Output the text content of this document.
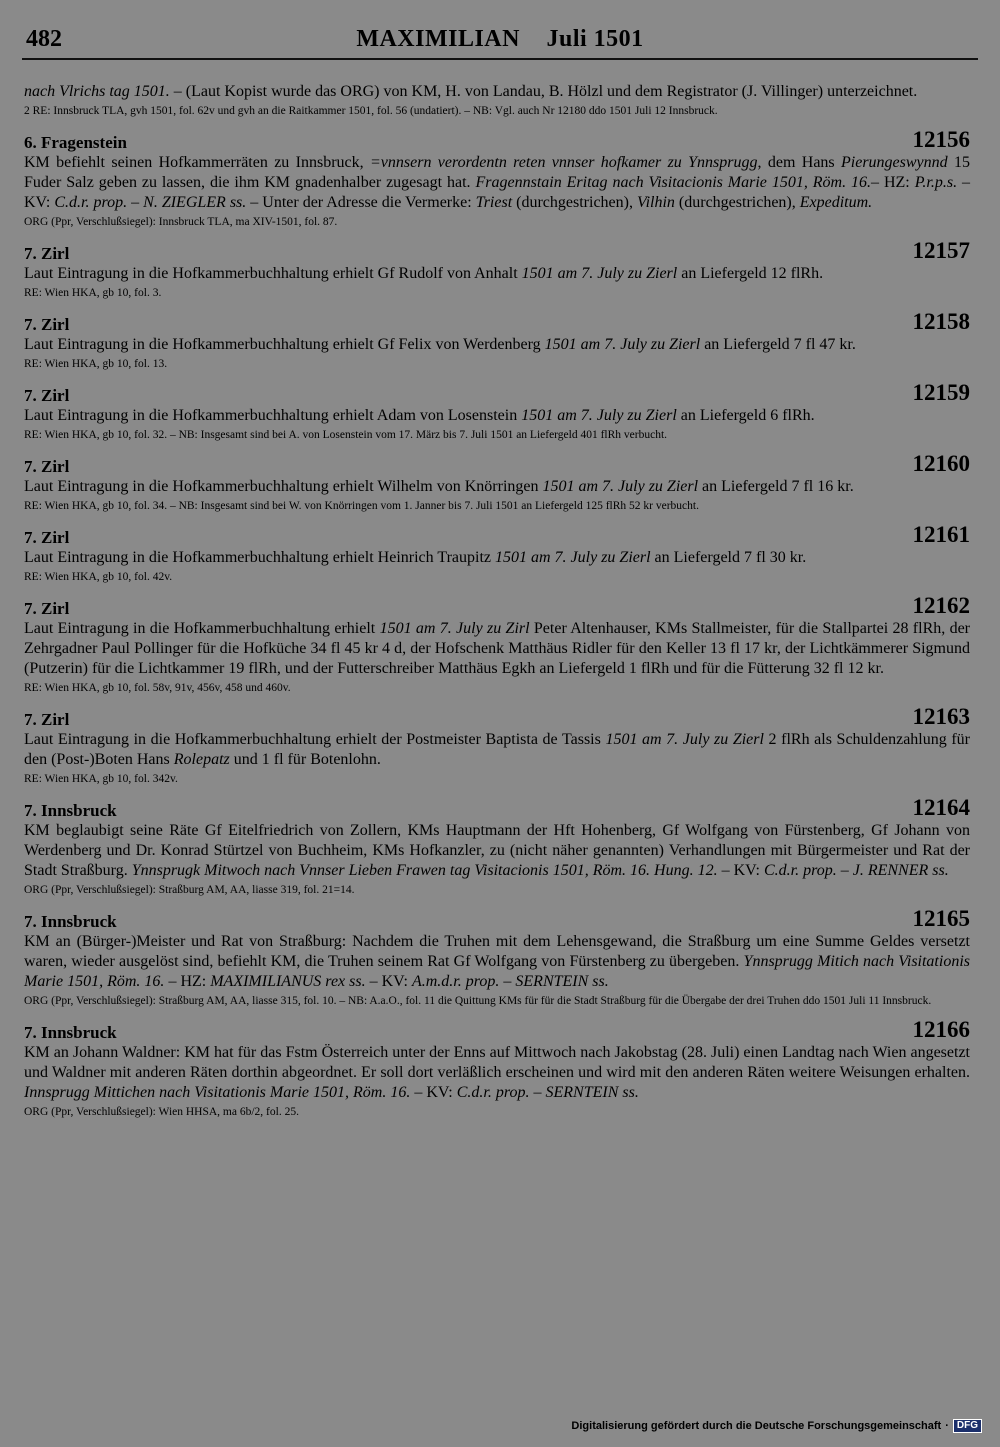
482	MAXIMILIAN Juli 1501

nach Vlrichs tag 1501. – (Laut Kopist wurde das ORG) von KM, H. von Landau, B. Hölzl und dem Registrator (J. Villinger) unterzeichnet.

2 RE: Innsbruck TLA, gvh 1501, fol. 62v und gvh an die Raitkammer 1501, fol. 56 (undatiert). – NB: Vgl. auch Nr 12180 ddo 1501 Juli 12 Innsbruck.

6. Fragenstein	12156

KM befiehlt seinen Hofkammerräten zu Innsbruck, =vnnsern verordentn reten vnnser hofkamer zu Ynnsprugg, dem Hans Pierungeswynnd 15 Fuder Salz geben zu lassen, die ihm KM gnadenhalber zugesagt hat. Fragennstain Eritag nach Visitacionis Marie 1501, Röm. 16.– HZ: P.r.p.s. – KV: C.d.r. prop. – N. ZIEGLER ss. – Unter der Adresse die Vermerke: Triest (durchgestrichen), Vilhin (durchgestrichen), Expeditum.

ORG (Ppr, Verschlußsiegel): Innsbruck TLA, ma XIV-1501, fol. 87.

7. Zirl	12157

Laut Eintragung in die Hofkammerbuchhaltung erhielt Gf Rudolf von Anhalt 1501 am 7. July zu Zierl an Liefergeld 12 flRh.

RE: Wien HKA, gb 10, fol. 3.

7. Zirl	12158

Laut Eintragung in die Hofkammerbuchhaltung erhielt Gf Felix von Werdenberg 1501 am 7. July zu Zierl an Liefergeld 7 fl 47 kr.

RE: Wien HKA, gb 10, fol. 13.

7. Zirl	12159

Laut Eintragung in die Hofkammerbuchhaltung erhielt Adam von Losenstein 1501 am 7. July zu Zierl an Liefergeld 6 flRh.

RE: Wien HKA, gb 10, fol. 32. – NB: Insgesamt sind bei A. von Losenstein vom 17. März bis 7. Juli 1501 an Liefergeld 401 flRh verbucht.

7. Zirl	12160

Laut Eintragung in die Hofkammerbuchhaltung erhielt Wilhelm von Knörringen 1501 am 7. July zu Zierl an Liefergeld 7 fl 16 kr.

RE: Wien HKA, gb 10, fol. 34. – NB: Insgesamt sind bei W. von Knörringen vom 1. Janner bis 7. Juli 1501 an Liefergeld 125 flRh 52 kr verbucht.

7. Zirl	12161

Laut Eintragung in die Hofkammerbuchhaltung erhielt Heinrich Traupitz 1501 am 7. July zu Zierl an Liefergeld 7 fl 30 kr.

RE: Wien HKA, gb 10, fol. 42v.

7. Zirl	12162

Laut Eintragung in die Hofkammerbuchhaltung erhielt 1501 am 7. July zu Zirl Peter Altenhauser, KMs Stallmeister, für die Stallpartei 28 flRh, der Zehrgadner Paul Pollinger für die Hofküche 34 fl 45 kr 4 d, der Hofschenk Matthäus Ridler für den Keller 13 fl 17 kr, der Lichtkämmerer Sigmund (Putzerin) für die Lichtkammer 19 flRh, und der Futterschreiber Matthäus Egkh an Liefergeld 1 flRh und für die Fütterung 32 fl 12 kr.

RE: Wien HKA, gb 10, fol. 58v, 91v, 456v, 458 und 460v.

7. Zirl	12163

Laut Eintragung in die Hofkammerbuchhaltung erhielt der Postmeister Baptista de Tassis 1501 am 7. July zu Zierl 2 flRh als Schuldenzahlung für den (Post-)Boten Hans Rolepatz und 1 fl für Botenlohn.

RE: Wien HKA, gb 10, fol. 342v.

7. Innsbruck	12164

KM beglaubigt seine Räte Gf Eitelfriedrich von Zollern, KMs Hauptmann der Hft Hohenberg, Gf Wolfgang von Fürstenberg, Gf Johann von Werdenberg und Dr. Konrad Stürtzel von Buchheim, KMs Hofkanzler, zu (nicht näher genannten) Verhandlungen mit Bürgermeister und Rat der Stadt Straßburg. Ynnsprugk Mitwoch nach Vnnser Lieben Frawen tag Visitacionis 1501, Röm. 16. Hung. 12. – KV: C.d.r. prop. – J. RENNER ss.

ORG (Ppr, Verschlußsiegel): Straßburg AM, AA, liasse 319, fol. 21=14.

7. Innsbruck	12165

KM an (Bürger-)Meister und Rat von Straßburg: Nachdem die Truhen mit dem Lehensgewand, die Straßburg um eine Summe Geldes versetzt waren, wieder ausgelöst sind, befiehlt KM, die Truhen seinem Rat Gf Wolfgang von Fürstenberg zu übergeben. Ynnsprugg Mitich nach Visitationis Marie 1501, Röm. 16. – HZ: MAXIMILIANUS rex ss. – KV: A.m.d.r. prop. – SERNTEIN ss.

ORG (Ppr, Verschlußsiegel): Straßburg AM, AA, liasse 315, fol. 10. – NB: A.a.O., fol. 11 die Quittung KMs für für die Stadt Straßburg für die Übergabe der drei Truhen ddo 1501 Juli 11 Innsbruck.

7. Innsbruck	12166

KM an Johann Waldner: KM hat für das Fstm Österreich unter der Enns auf Mittwoch nach Jakobstag (28. Juli) einen Landtag nach Wien angesetzt und Waldner mit anderen Räten dorthin abgeordnet. Er soll dort verläßlich erscheinen und wird mit den anderen Räten weitere Weisungen erhalten. Innsprugg Mittichen nach Visitationis Marie 1501, Röm. 16. – KV: C.d.r. prop. – SERNTEIN ss.

ORG (Ppr, Verschlußsiegel): Wien HHSA, ma 6b/2, fol. 25.

Digitalisierung gefördert durch die Deutsche Forschungsgemeinschaft · DFG
